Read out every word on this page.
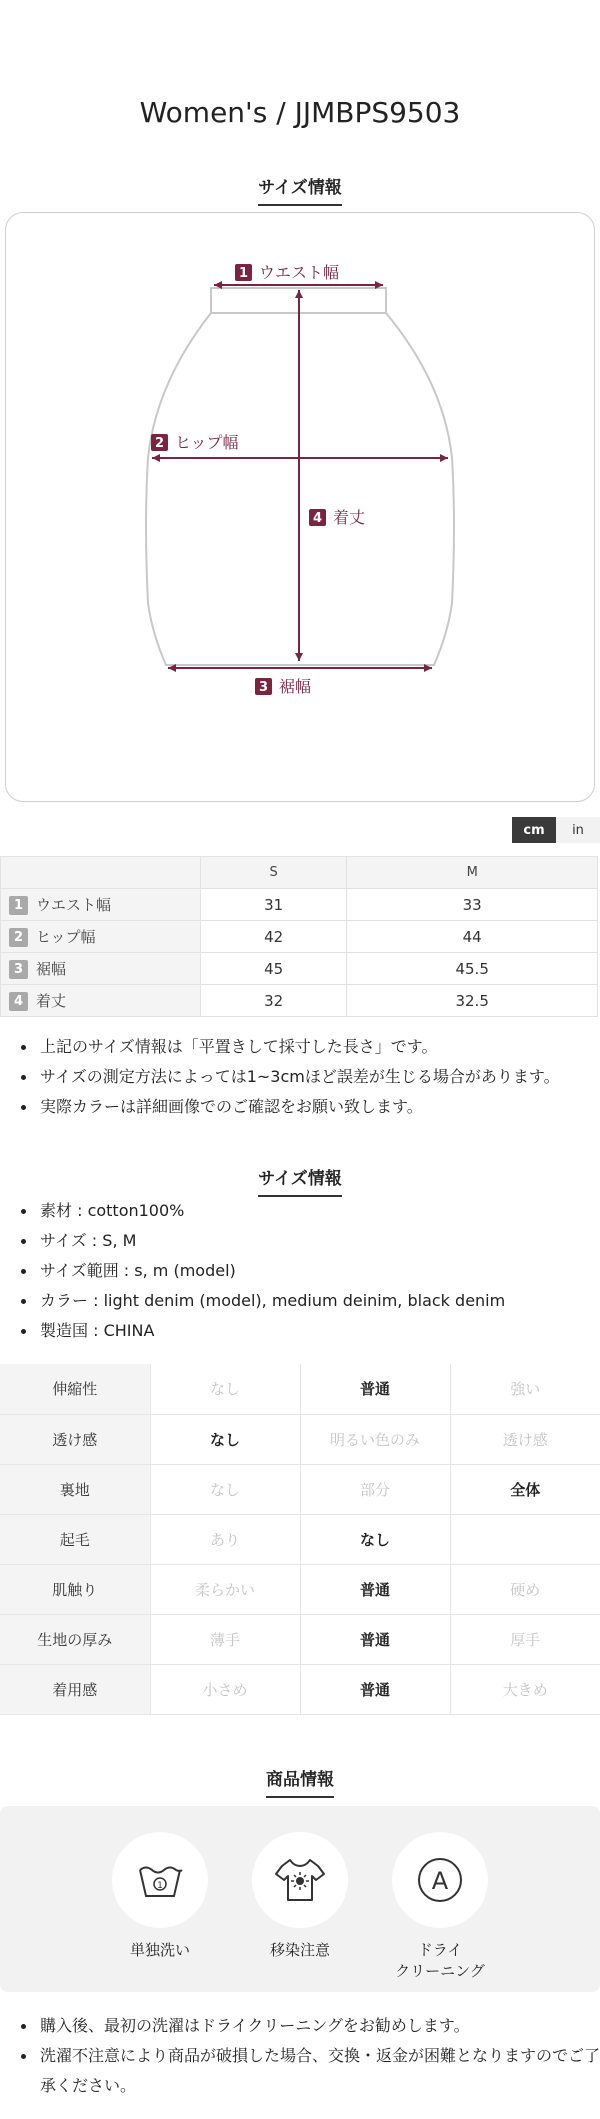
Women's / JJMBPS9503
サイズ情報
1 ウエスト幅
2 ヒップ幅
4 着丈
3 裾幅
cm	in
	S	M
1 ウエスト幅	31	33
2 ヒップ幅	42	44
3 裾幅	45	45.5
4 着丈	32	32.5
上記のサイズ情報は「平置きして採寸した長さ」です。
サイズの測定方法によっては1~3cmほど誤差が生じる場合があります。
実際カラーは詳細画像でのご確認をお願い致します。
サイズ情報
素材 : cotton100%
サイズ : S, M
サイズ範囲 : s, m (model)
カラー : light denim (model), medium deinim, black denim
製造国 : CHINA
伸縮性	なし	普通	強い
透け感	なし	明るい色のみ	透け感
裏地	なし	部分	全体
起毛	あり	なし	
肌触り	柔らかい	普通	硬め
生地の厚み	薄手	普通	厚手
着用感	小さめ	普通	大きめ
商品情報
1
単独洗い	移染注意
A
ドライ
クリーニング
購入後、最初の洗濯はドライクリーニングをお勧めします。
洗濯不注意により商品が破損した場合、交換・返金が困難となりますのでご了承ください。
